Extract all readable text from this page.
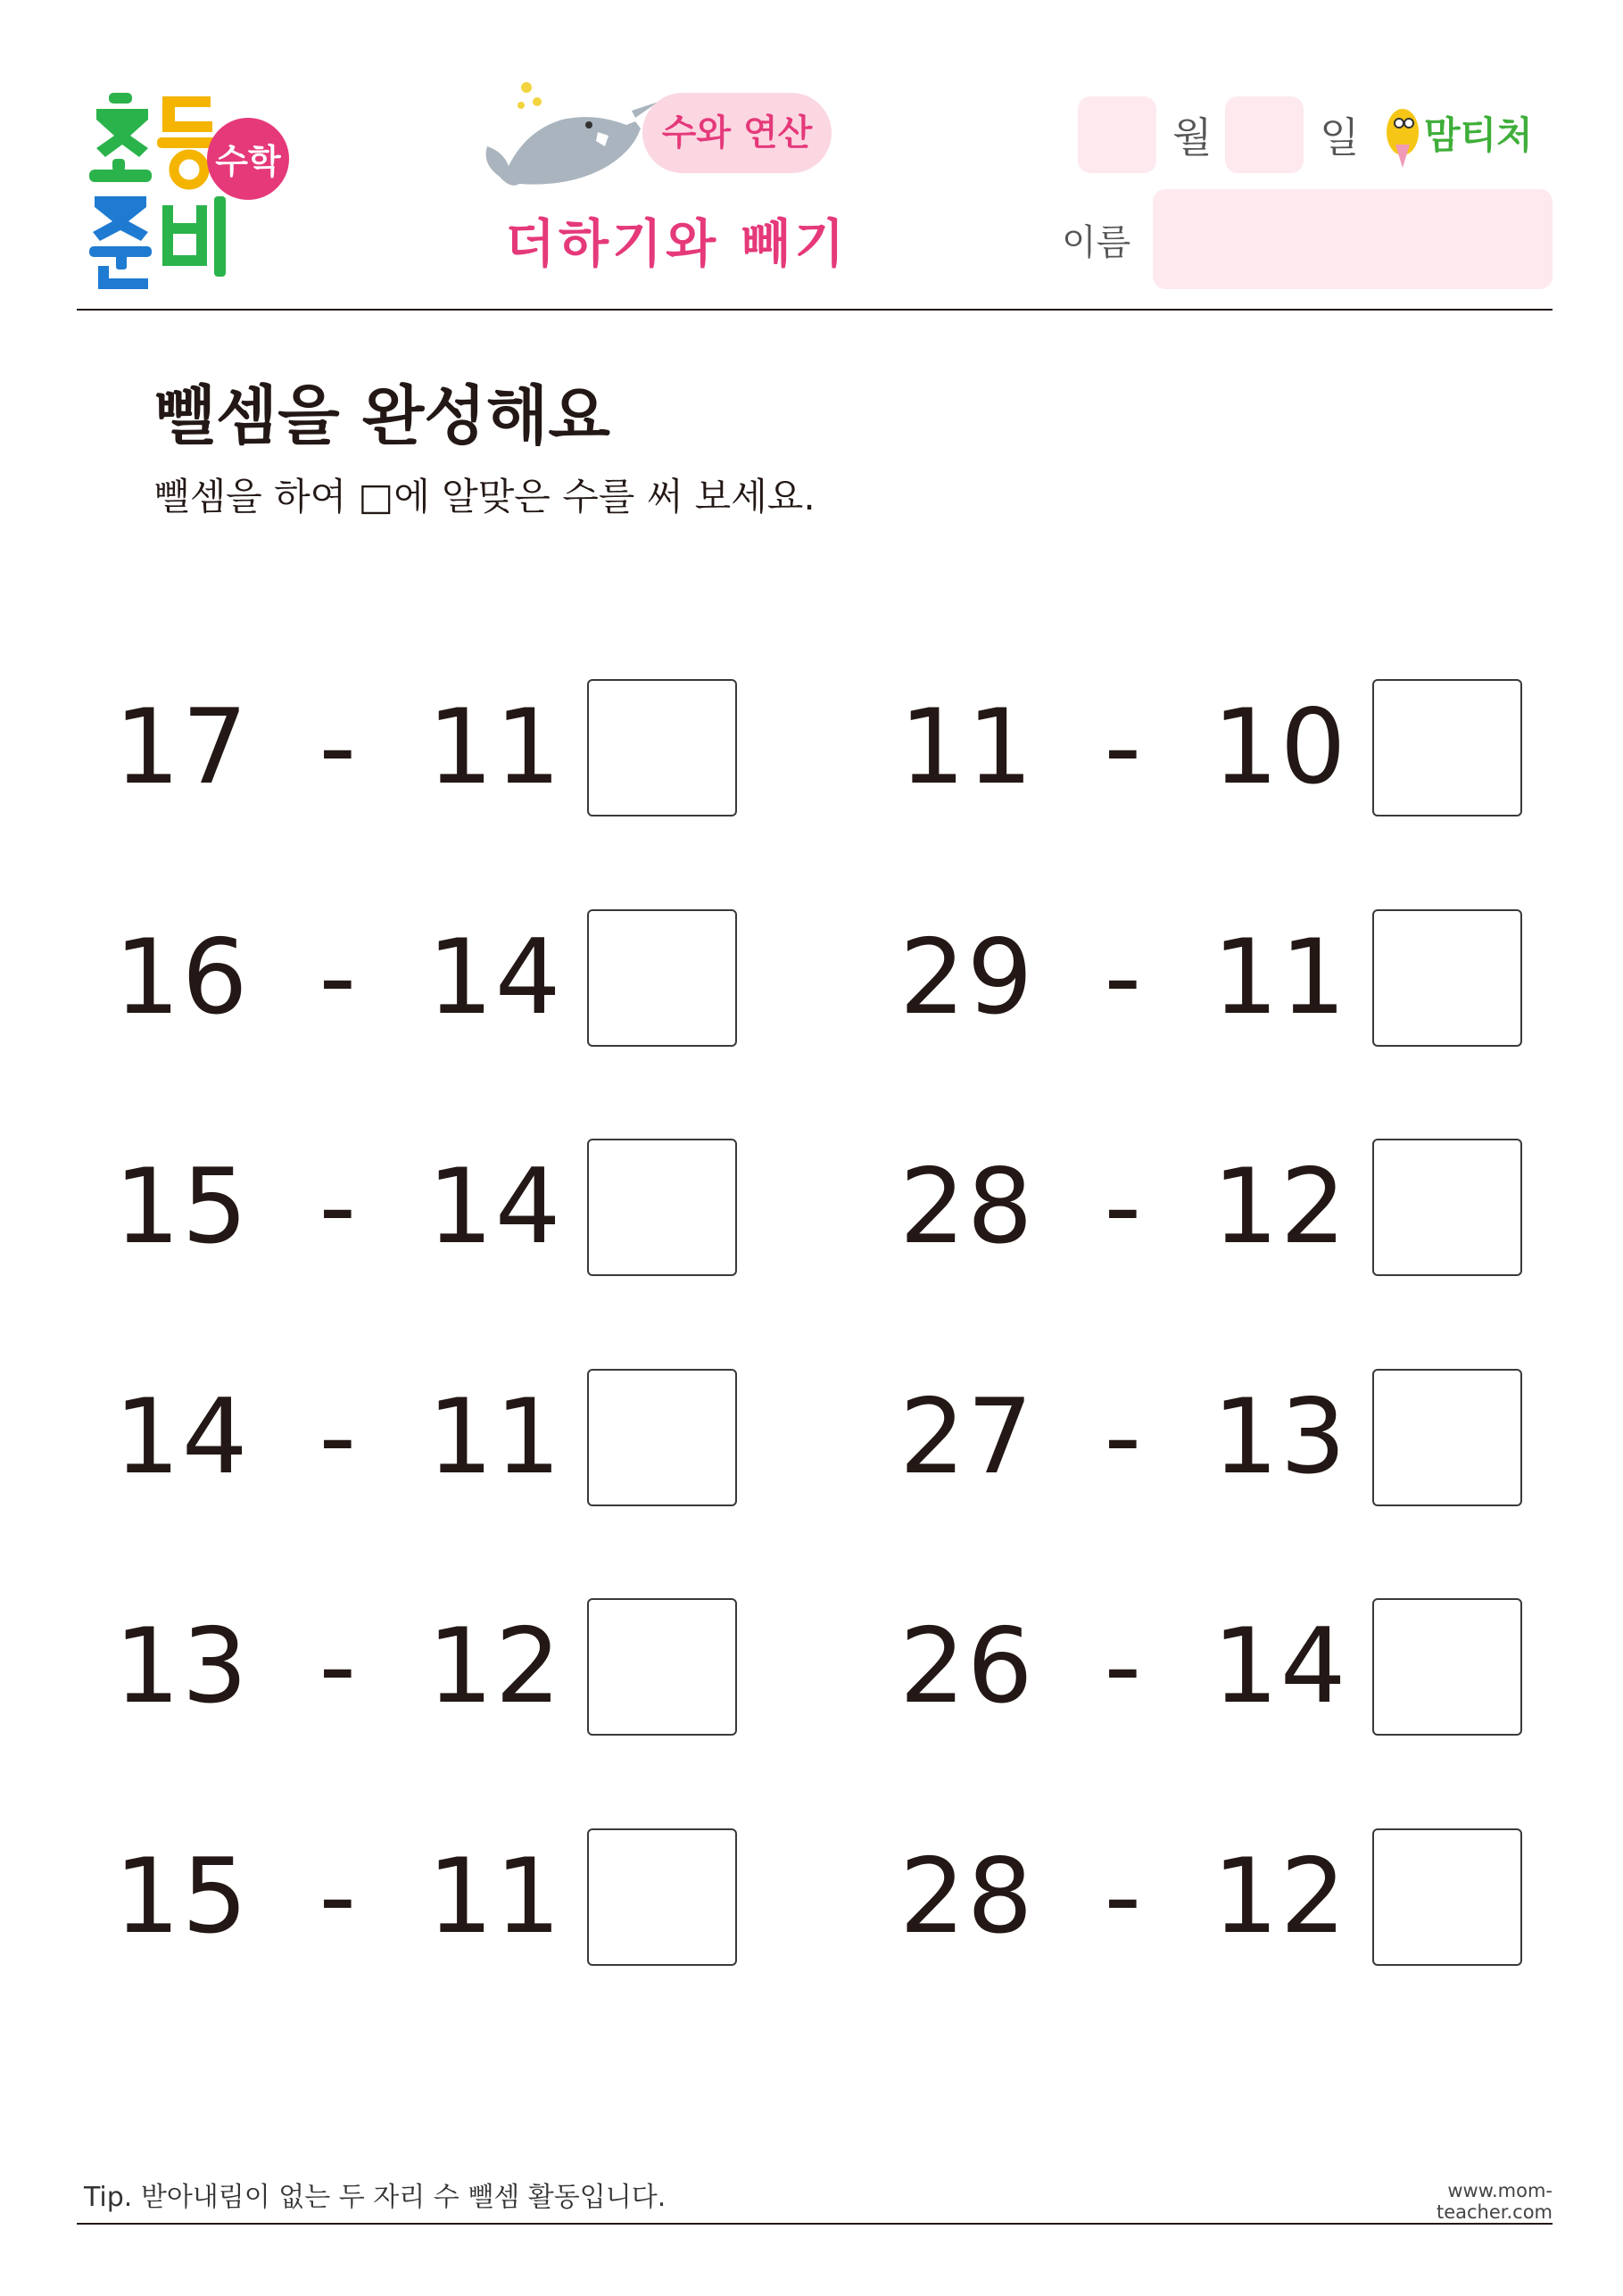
수학
수와 연산
더하기와 빼기
월	일 맘티처
이름
뺄셈을 완성해요
뺄셈을 하여 □에 알맞은 수를 써 보세요.
17 - 11	11 - 10
16 - 14	29 - 11
15 - 14	28 - 12
14 - 11	27 - 13
13 - 12	26 - 14
15 - 11	28 - 12
Tip. 받아내림이 없는 두 자리 수 뺄셈 활동입니다.	www.mom-teacher.com
